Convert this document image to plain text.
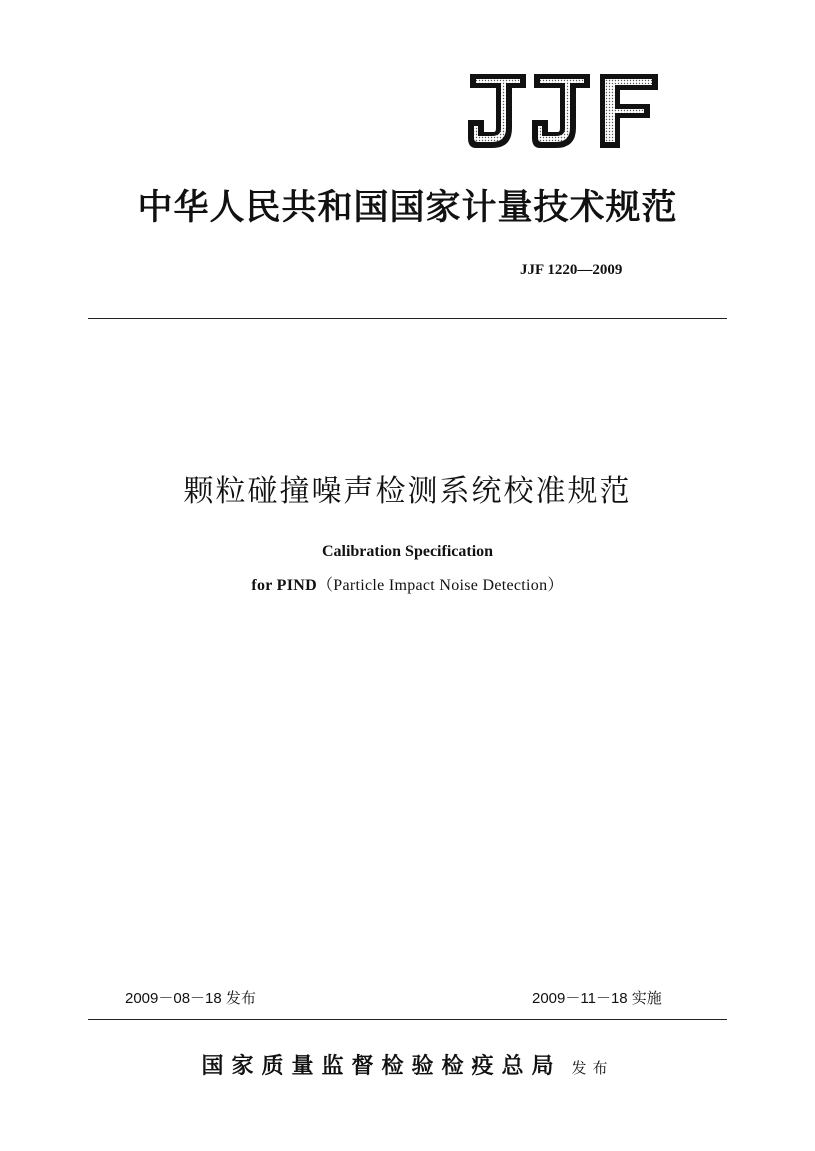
中华人民共和国国家计量技术规范
JJF 1220—2009
颗粒碰撞噪声检测系统校准规范
Calibration Specification
for PIND（Particle Impact Noise Detection）
2009－08－18 发布	2009－11－18 实施
国家质量监督检验检疫总局 发布
